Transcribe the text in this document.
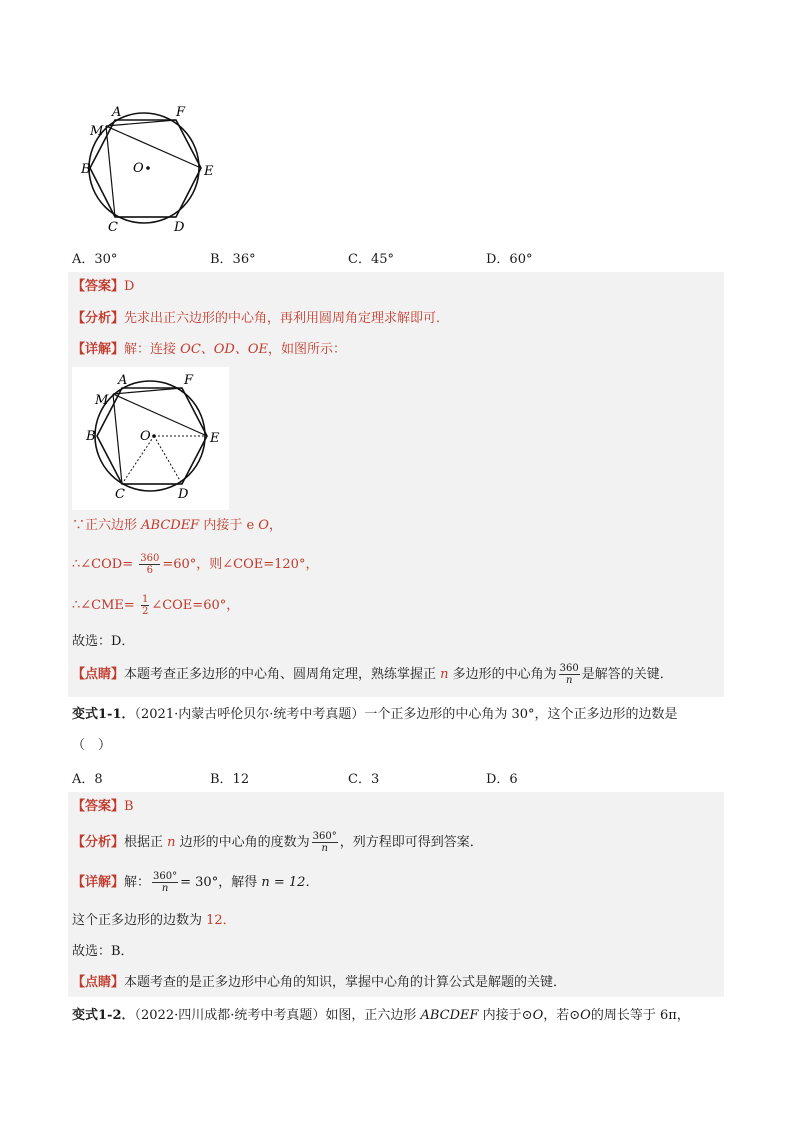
A	F
M
B	O	E
C	D
A．30°	B．36°	C．45°	D．60°
【答案】D
【分析】先求出正六边形的中心角，再利用圆周角定理求解即可．
【详解】解：连接 OC、OD、OE，如图所示：
A	F
M
B	O	E
C	D
∵正六边形 ABCDEF 内接于 e O，
∴∠COD= $\frac{360}{6} =60^\circ$，则∠COE=120°，
∴∠CME= $\frac{1}{2}$ ∠COE=60°，
故选：D．
【点睛】本题考查正多边形的中心角、圆周角定理，熟练掌握正 n 多边形的中心角为 $\frac{360}{n}$ 是解答的关键．
变式1-1．（2021·内蒙古呼伦贝尔·统考中考真题）一个正多边形的中心角为 30°，这个正多边形的边数是
（　）
A．8	B．12	C．3	D．6
【答案】B
【分析】根据正 n 边形的中心角的度数为 $\frac{360^\circ}{n}$ ，列方程即可得到答案．
【详解】解： $\frac{360^\circ}{n} = 30^\circ$，解得 n = 12．
这个正多边形的边数为 12．
故选：B．
【点睛】本题考查的是正多边形中心角的知识，掌握中心角的计算公式是解题的关键．
变式1-2．（2022·四川成都·统考中考真题）如图，正六边形 ABCDEF 内接于⊙O，若⊙O的周长等于 6π，
